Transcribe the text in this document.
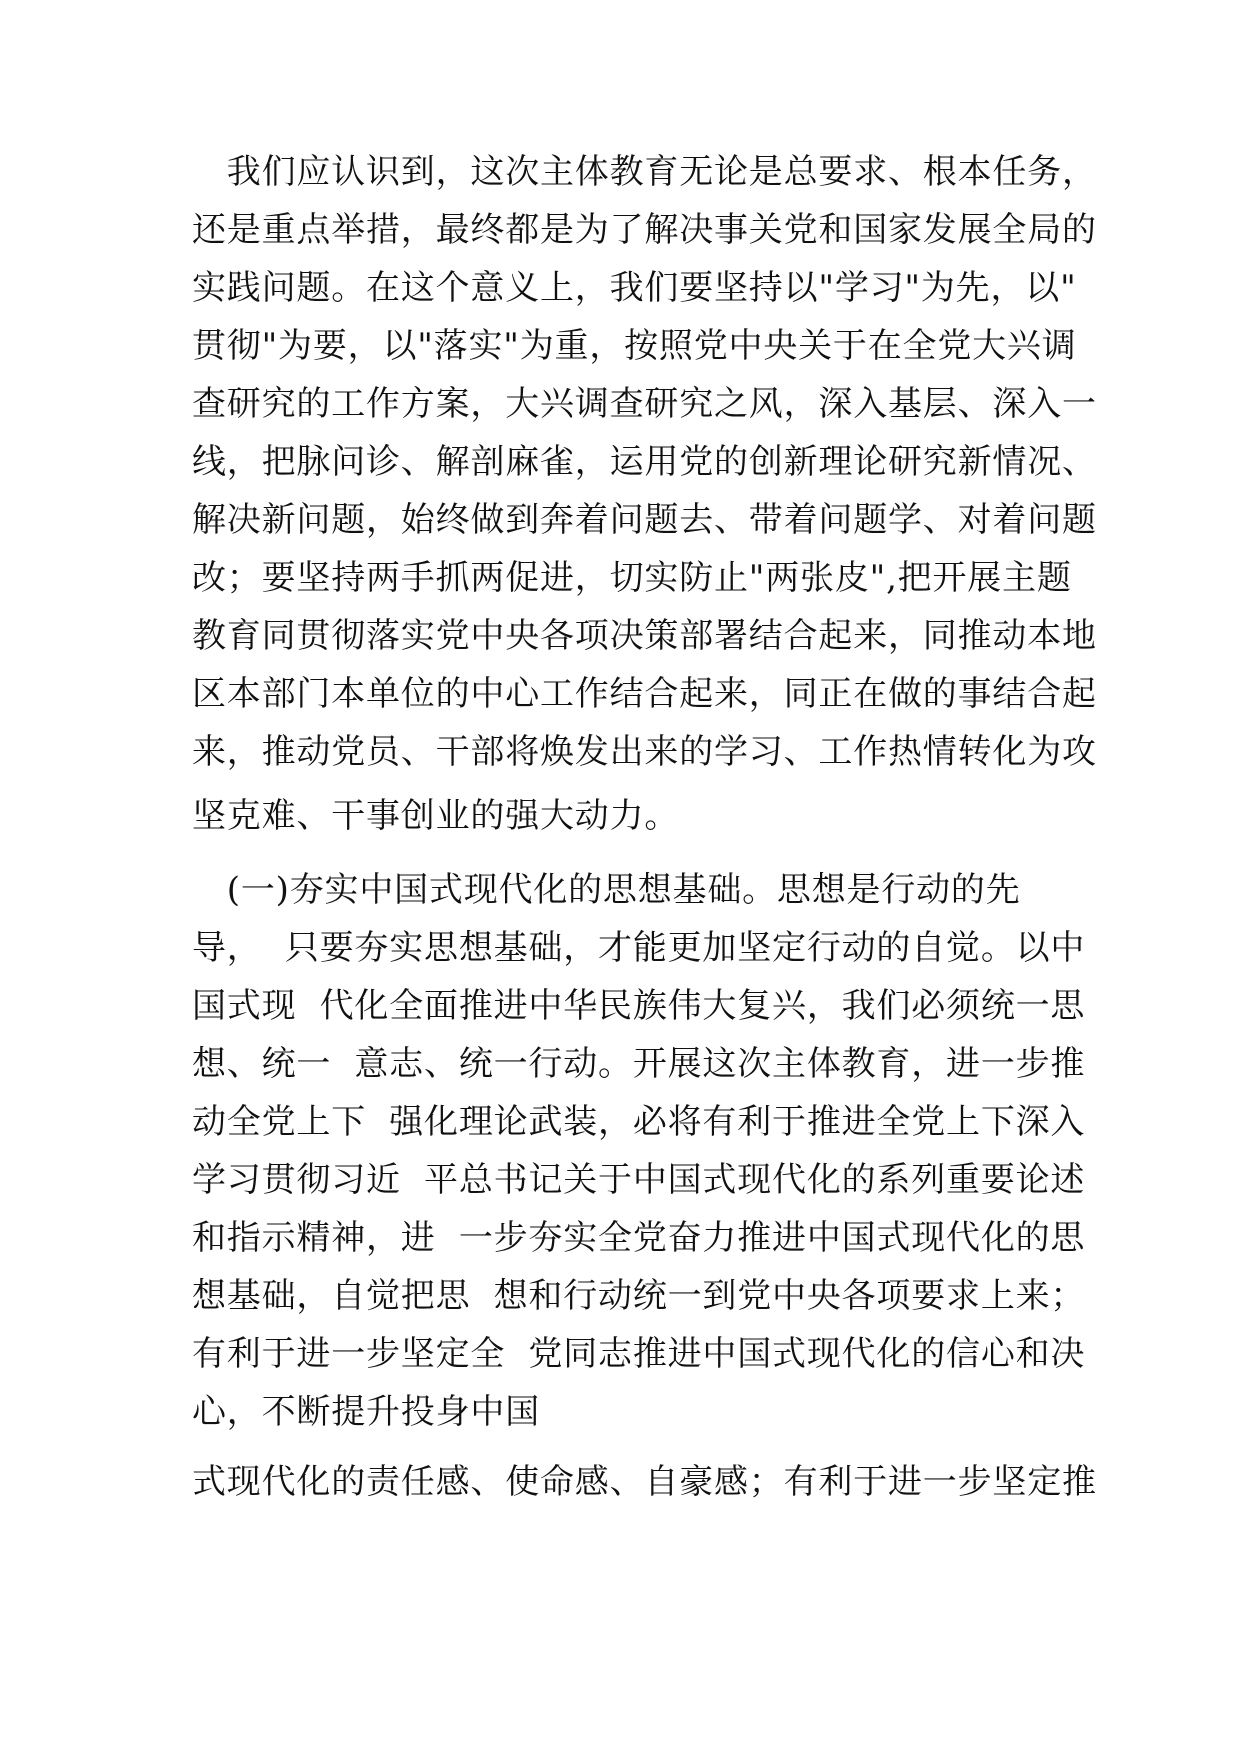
　我们应认识到，这次主体教育无论是总要求、根本任务，
还是重点举措，最终都是为了解决事关党和国家发展全局的
实践问题。在这个意义上，我们要坚持以"学习"为先，以"
贯彻"为要，以"落实"为重，按照党中央关于在全党大兴调
查研究的工作方案，大兴调查研究之风，深入基层、深入一
线，把脉问诊、解剖麻雀，运用党的创新理论研究新情况、
解决新问题，始终做到奔着问题去、带着问题学、对着问题
改；要坚持两手抓两促进，切实防止"两张皮",把开展主题
教育同贯彻落实党中央各项决策部署结合起来，同推动本地
区本部门本单位的中心工作结合起来，同正在做的事结合起
来，推动党员、干部将焕发出来的学习、工作热情转化为攻
坚克难、干事创业的强大动力。
　(一)夯实中国式现代化的思想基础。思想是行动的先
导，  只要夯实思想基础，才能更加坚定行动的自觉。以中
国式现  代化全面推进中华民族伟大复兴，我们必须统一思
想、统一  意志、统一行动。开展这次主体教育，进一步推
动全党上下  强化理论武装，必将有利于推进全党上下深入
学习贯彻习近  平总书记关于中国式现代化的系列重要论述
和指示精神，进  一步夯实全党奋力推进中国式现代化的思
想基础，自觉把思  想和行动统一到党中央各项要求上来；
有利于进一步坚定全  党同志推进中国式现代化的信心和决
心，不断提升投身中国
式现代化的责任感、使命感、自豪感；有利于进一步坚定推
